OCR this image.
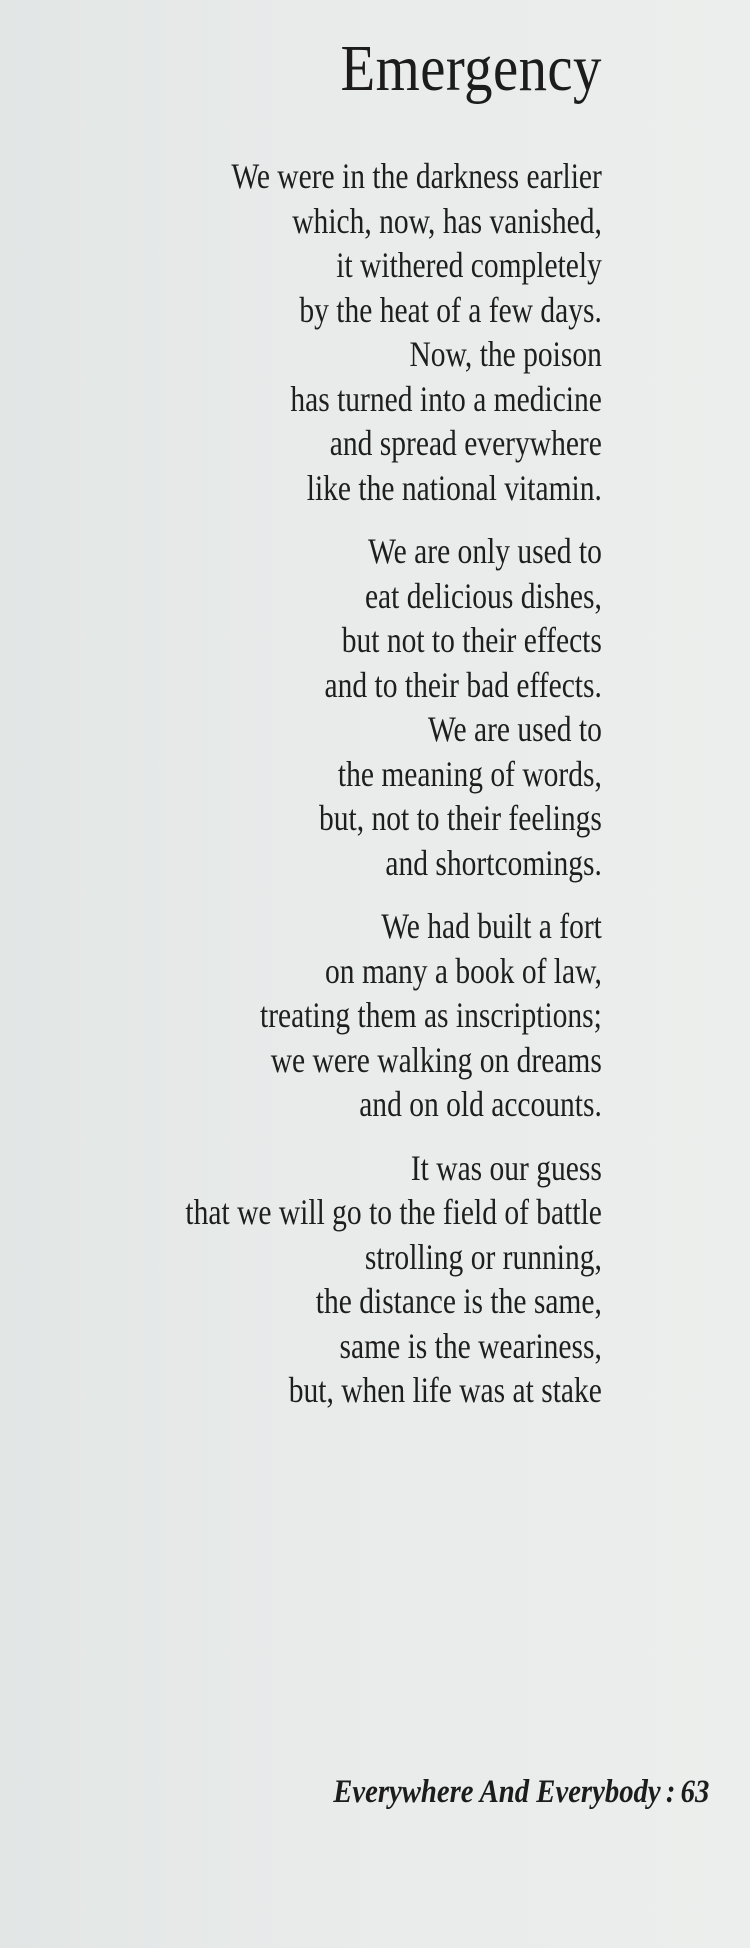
Emergency
We were in the darkness earlier
which, now, has vanished,
it withered completely
by the heat of a few days.
Now, the poison
has turned into a medicine
and spread everywhere
like the national vitamin.
We are only used to
eat delicious dishes,
but not to their effects
and to their bad effects.
We are used to
the meaning of words,
but, not to their feelings
and shortcomings.
We had built a fort
on many a book of law,
treating them as inscriptions;
we were walking on dreams
and on old accounts.
It was our guess
that we will go to the field of battle
strolling or running,
the distance is the same,
same is the weariness,
but, when life was at stake
Everywhere And Everybody : 63
